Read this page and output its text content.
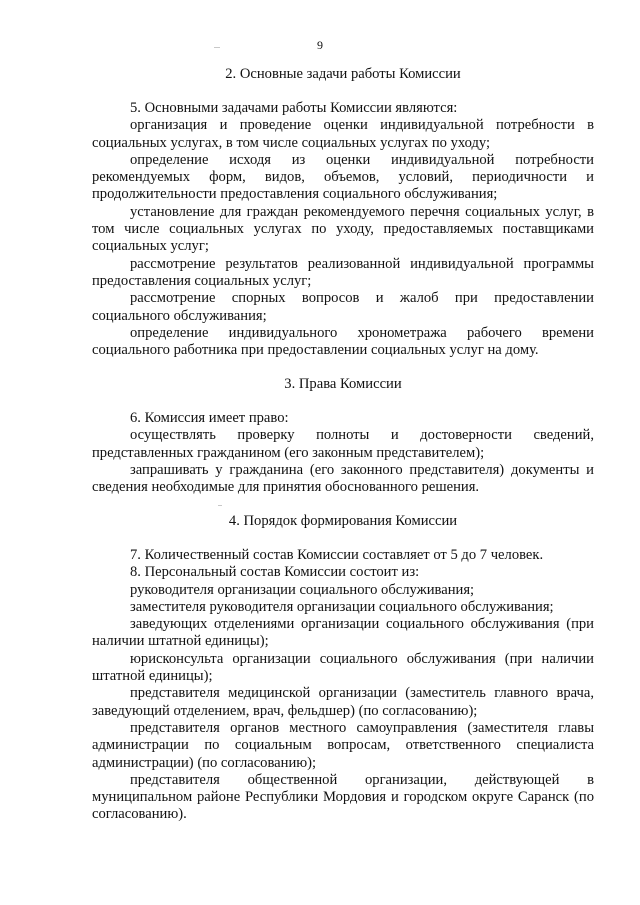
9
2. Основные задачи работы Комиссии

5. Основными задачами работы Комиссии являются:

организация и проведение оценки индивидуальной потребности в социальных услугах, в том числе социальных услугах по уходу;

определение исходя из оценки индивидуальной потребности рекомендуемых форм, видов, объемов, условий, периодичности и продолжительности предоставления социального обслуживания;

установление для граждан рекомендуемого перечня социальных услуг, в том числе социальных услугах по уходу, предоставляемых поставщиками социальных услуг;

рассмотрение результатов реализованной индивидуальной программы предоставления социальных услуг;

рассмотрение спорных вопросов и жалоб при предоставлении социального обслуживания;

определение индивидуального хронометража рабочего времени социального работника при предоставлении социальных услуг на дому.

3. Права Комиссии

6. Комиссия имеет право:

осуществлять проверку полноты и достоверности сведений, представленных гражданином (его законным представителем);

запрашивать у гражданина (его законного представителя) документы и сведения необходимые для принятия обоснованного решения.

4. Порядок формирования Комиссии

7. Количественный состав Комиссии составляет от 5 до 7 человек.

8. Персональный состав Комиссии состоит из:

руководителя организации социального обслуживания;

заместителя руководителя организации социального обслуживания;

заведующих отделениями организации социального обслуживания (при наличии штатной единицы);

юрисконсульта организации социального обслуживания (при наличии штатной единицы);

представителя медицинской организации (заместитель главного врача, заведующий отделением, врач, фельдшер) (по согласованию);

представителя органов местного самоуправления (заместителя главы администрации по социальным вопросам, ответственного специалиста администрации) (по согласованию);

представителя общественной организации, действующей в муниципальном районе Республики Мордовия и городском округе Саранск (по согласованию).
